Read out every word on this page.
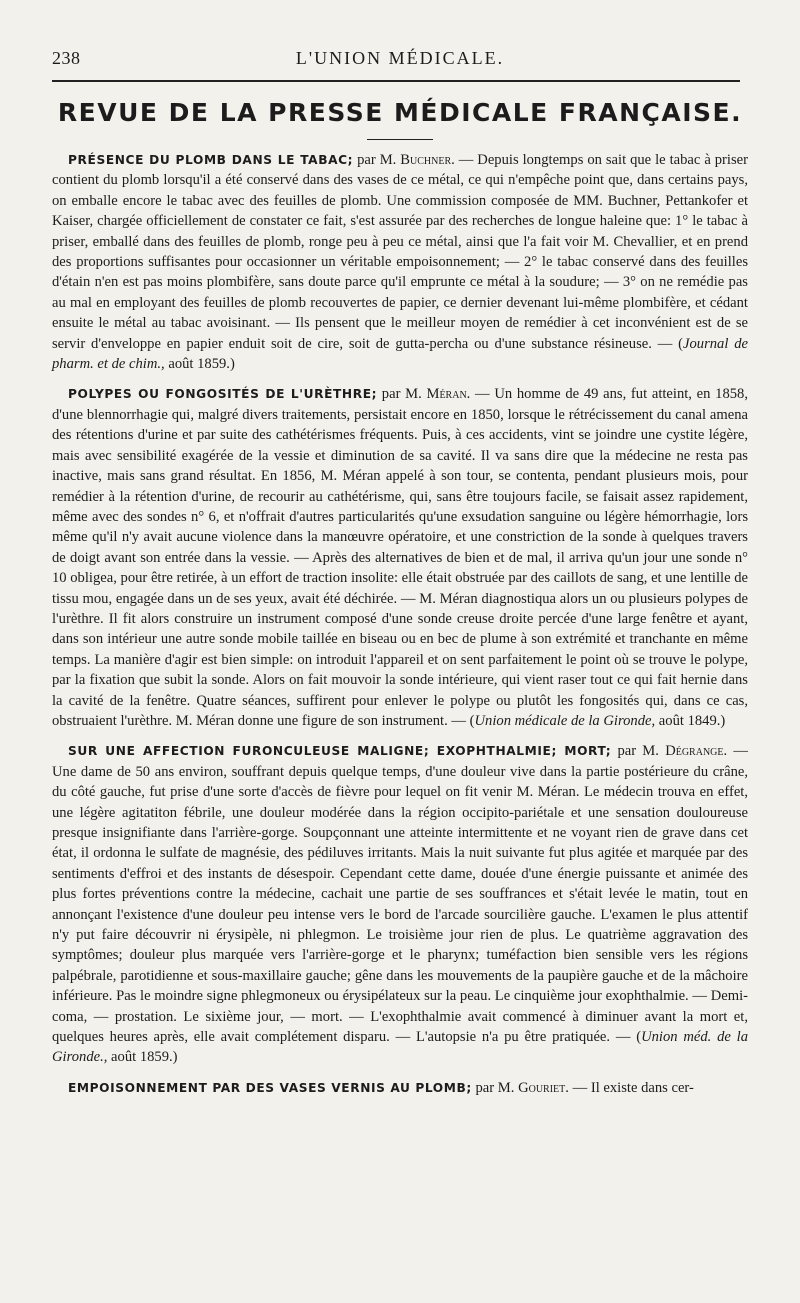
238	L'UNION MÉDICALE.
REVUE DE LA PRESSE MÉDICALE FRANÇAISE.

PRÉSENCE DU PLOMB DANS LE TABAC; par M. Buchner. — Depuis longtemps on sait que le tabac à priser contient du plomb lorsqu'il a été conservé dans des vases de ce métal, ce qui n'empêche point que, dans certains pays, on emballe encore le tabac avec des feuilles de plomb. Une commission composée de MM. Buchner, Pettankofer et Kaiser, chargée officiellement de constater ce fait, s'est assurée par des recherches de longue haleine que: 1° le tabac à priser, emballé dans des feuilles de plomb, ronge peu à peu ce métal, ainsi que l'a fait voir M. Chevallier, et en prend des proportions suffisantes pour occasionner un véritable empoisonnement; — 2° le tabac conservé dans des feuilles d'étain n'en est pas moins plombifère, sans doute parce qu'il emprunte ce métal à la soudure; — 3° on ne remédie pas au mal en employant des feuilles de plomb recouvertes de papier, ce dernier devenant lui-même plombifère, et cédant ensuite le métal au tabac avoisinant. — Ils pensent que le meilleur moyen de remédier à cet inconvénient est de se servir d'enveloppe en papier enduit soit de cire, soit de gutta-percha ou d'une substance résineuse. — (Journal de pharm. et de chim., août 1859.)

POLYPES OU FONGOSITÉS DE L'URÈTHRE; par M. Méran. — Un homme de 49 ans, fut atteint, en 1858, d'une blennorrhagie qui, malgré divers traitements, persistait encore en 1850, lorsque le rétrécissement du canal amena des rétentions d'urine et par suite des cathétérismes fréquents. Puis, à ces accidents, vint se joindre une cystite légère, mais avec sensibilité exagérée de la vessie et diminution de sa cavité. Il va sans dire que la médecine ne resta pas inactive, mais sans grand résultat. En 1856, M. Méran appelé à son tour, se contenta, pendant plusieurs mois, pour remédier à la rétention d'urine, de recourir au cathétérisme, qui, sans être toujours facile, se faisait assez rapidement, même avec des sondes n° 6, et n'offrait d'autres particularités qu'une exsudation sanguine ou légère hémorrhagie, lors même qu'il n'y avait aucune violence dans la manœuvre opératoire, et une constriction de la sonde à quelques travers de doigt avant son entrée dans la vessie. — Après des alternatives de bien et de mal, il arriva qu'un jour une sonde n° 10 obligea, pour être retirée, à un effort de traction insolite: elle était obstruée par des caillots de sang, et une lentille de tissu mou, engagée dans un de ses yeux, avait été déchirée. — M. Méran diagnostiqua alors un ou plusieurs polypes de l'urèthre. Il fit alors construire un instrument composé d'une sonde creuse droite percée d'une large fenêtre et ayant, dans son intérieur une autre sonde mobile taillée en biseau ou en bec de plume à son extrémité et tranchante en même temps. La manière d'agir est bien simple: on introduit l'appareil et on sent parfaitement le point où se trouve le polype, par la fixation que subit la sonde. Alors on fait mouvoir la sonde intérieure, qui vient raser tout ce qui fait hernie dans la cavité de la fenêtre. Quatre séances, suffirent pour enlever le polype ou plutôt les fongosités qui, dans ce cas, obstruaient l'urèthre. M. Méran donne une figure de son instrument. — (Union médicale de la Gironde, août 1849.)

SUR UNE AFFECTION FURONCULEUSE MALIGNE; EXOPHTHALMIE; MORT; par M. Dégrange. — Une dame de 50 ans environ, souffrant depuis quelque temps, d'une douleur vive dans la partie postérieure du crâne, du côté gauche, fut prise d'une sorte d'accès de fièvre pour lequel on fit venir M. Méran. Le médecin trouva en effet, une légère agitatiton fébrile, une douleur modérée dans la région occipito-pariétale et une sensation douloureuse presque insignifiante dans l'arrière-gorge. Soupçonnant une atteinte intermittente et ne voyant rien de grave dans cet état, il ordonna le sulfate de magnésie, des pédiluves irritants. Mais la nuit suivante fut plus agitée et marquée par des sentiments d'effroi et des instants de désespoir. Cependant cette dame, douée d'une énergie puissante et animée des plus fortes préventions contre la médecine, cachait une partie de ses souffrances et s'était levée le matin, tout en annonçant l'existence d'une douleur peu intense vers le bord de l'arcade sourcilière gauche. L'examen le plus attentif n'y put faire découvrir ni érysipèle, ni phlegmon. Le troisième jour rien de plus. Le quatrième aggravation des symptômes; douleur plus marquée vers l'arrière-gorge et le pharynx; tuméfaction bien sensible vers les régions palpébrale, parotidienne et sous-maxillaire gauche; gêne dans les mouvements de la paupière gauche et de la mâchoire inférieure. Pas le moindre signe phlegmoneux ou érysipélateux sur la peau. Le cinquième jour exophthalmie. — Demi-coma, — prostation. Le sixième jour, — mort. — L'exophthalmie avait commencé à diminuer avant la mort et, quelques heures après, elle avait complétement disparu. — L'autopsie n'a pu être pratiquée. — (Union méd. de la Gironde., août 1859.)

EMPOISONNEMENT PAR DES VASES VERNIS AU PLOMB; par M. Gouriet. — Il existe dans cer-
